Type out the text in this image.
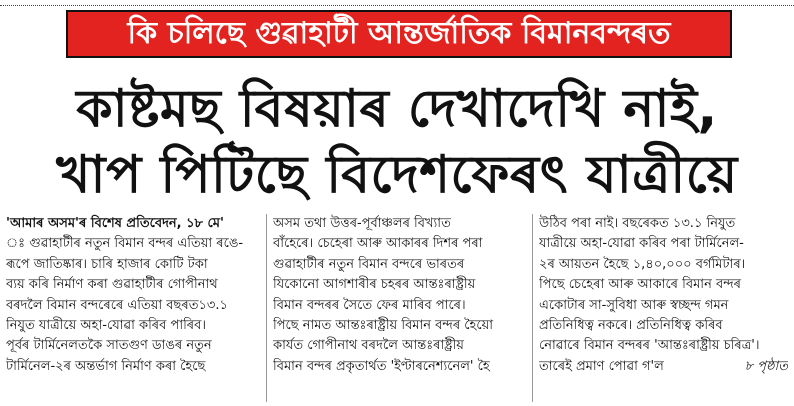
কি চলিছে গুৱাহাটী আন্তৰ্জাতিক বিমানবন্দৰত
কাষ্টমছ বিষয়াৰ দেখাদেখি নাই,
খাপ পিটিছে বিদেশফেৰৎ যাত্ৰীয়ে
'আমাৰ অসম'ৰ বিশেষ প্ৰতিবেদন, ১৮ মে'
ঃ গুৱাহাটীৰ নতুন বিমান বন্দৰ এতিয়া ৰঙে-
ৰূপে জাতিষ্কাৰ। চাৰি হাজাৰ কোটি টকা
ব্যয় কৰি নিৰ্মাণ কৰা গুৱাহাটীৰ গোপীনাথ
বৰদলৈ বিমান বন্দৰেৰে এতিয়া বছৰত১৩.১
নিযুত যাত্ৰীয়ে অহা-যোৱা কৰিব পাৰিব।
পূৰ্বৰ টাৰ্মিনেলতকৈ সাতগুণ ডাঙৰ নতুন
টাৰ্মিনেল-২ৰ অন্তৰ্ভাগ নিৰ্মাণ কৰা হৈছে
অসম তথা উত্তৰ-পূৰ্বাঞ্চলৰ বিখ্যাত
বাঁহেৰে। চেহেৰা আৰু আকাৰৰ দিশৰ পৰা
গুৱাহাটীৰ নতুন বিমান বন্দৰে ভাৰতৰ
যিকোনো আগশাৰীৰ চহৰৰ আন্তঃৰাষ্ট্ৰীয়
বিমান বন্দৰৰ সৈতে ফেৰ মাৰিব পাৰে।
পিছে নামত আন্তঃৰাষ্ট্ৰীয় বিমান বন্দৰ হৈয়ো
কাৰ্যত গোপীনাথ বৰদলৈ আন্তঃৰাষ্ট্ৰীয়
বিমান বন্দৰ প্ৰকৃতাৰ্থত 'ইণ্টাৰনেশ্যনেল' হৈ
উঠিব পৰা নাই। বছৰেকত ১৩.১ নিযুত
যাত্ৰীয়ে অহা-যোৱা কৰিব পৰা টাৰ্মিনেল-
২ৰ আয়তন হৈছে ১,৪০,০০০ বৰ্গমিটাৰ।
পিছে চেহেৰা আৰু আকাৰে বিমান বন্দৰ
একোটাৰ সা-সুবিধা আৰু স্বচ্ছন্দ গমন
প্ৰতিনিধিত্ব নকৰে। প্ৰতিনিধিত্ব কৰিব
নোৱাৰে বিমান বন্দৰৰ 'আন্তঃৰাষ্ট্ৰীয় চৰিত্ৰ'।
তাৰেই প্ৰমাণ পোৱা গ'ল	৮ পৃষ্ঠাত
